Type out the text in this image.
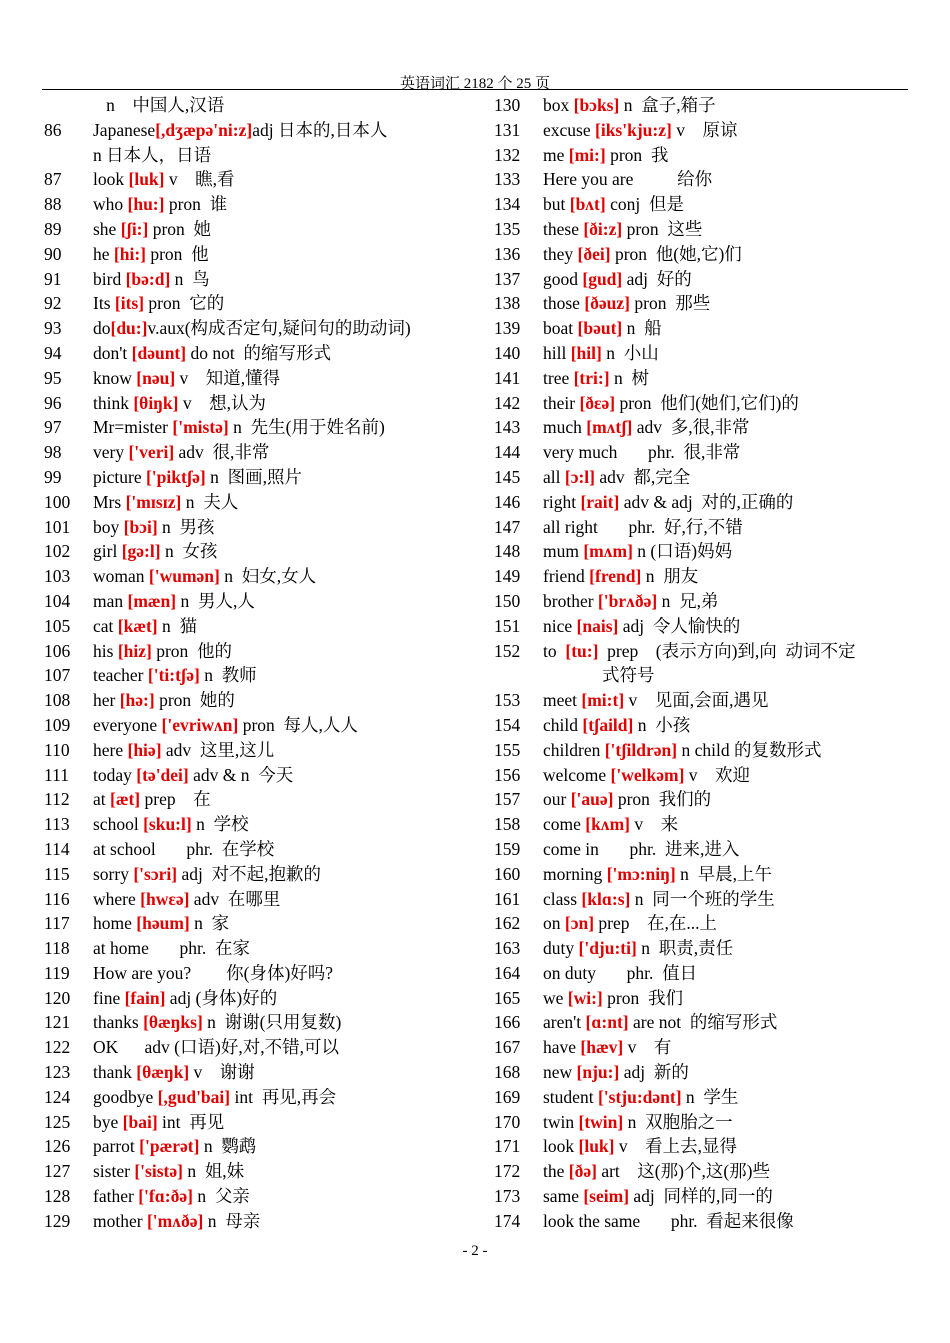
英语词汇 2182 个 25 页
n    中国人,汉语
86	Japanese[,dʒæpə'ni:z]adj 日本的,日本人
n 日本人，日语
87	look [luk] v    瞧,看
88	who [hu:] pron  谁
89	she [ʃi:] pron  她
90	he [hi:] pron  他
91	bird [bə:d] n  鸟
92	Its [its] pron  它的
93	do[du:]v.aux(构成否定句,疑问句的助动词)
94	don't [dəunt] do not  的缩写形式
95	know [nəu] v    知道,懂得
96	think [θiŋk] v    想,认为
97	Mr=mister ['mistə] n  先生(用于姓名前)
98	very ['veri] adv  很,非常
99	picture ['piktʃə] n  图画,照片
100	Mrs ['mɪsɪz] n  夫人
101	boy [bɔi] n  男孩
102	girl [gə:l] n  女孩
103	woman ['wumən] n  妇女,女人
104	man [mæn] n  男人,人
105	cat [kæt] n  猫
106	his [hiz] pron  他的
107	teacher ['ti:tʃə] n  教师
108	her [hə:] pron  她的
109	everyone ['evriwʌn] pron  每人,人人
110	here [hiə] adv  这里,这儿
111	today [tə'dei] adv & n  今天
112	at [æt] prep    在
113	school [sku:l] n  学校
114	at school       phr.  在学校
115	sorry ['sɔri] adj  对不起,抱歉的
116	where [hwεə] adv  在哪里
117	home [həum] n  家
118	at home       phr.  在家
119	How are you?        你(身体)好吗?
120	fine [fain] adj (身体)好的
121	thanks [θæŋks] n  谢谢(只用复数)
122	OK      adv (口语)好,对,不错,可以
123	thank [θæŋk] v    谢谢
124	goodbye [,gud'bai] int  再见,再会
125	bye [bai] int  再见
126	parrot ['pærət] n  鹦鹉
127	sister ['sistə] n  姐,妹
128	father ['fɑ:ðə] n  父亲
129	mother ['mʌðə] n  母亲
130	box [bɔks] n  盒子,箱子
131	excuse [iks'kju:z] v    原谅
132	me [mi:] pron  我
133	Here you are          给你
134	but [bʌt] conj  但是
135	these [ði:z] pron  这些
136	they [ðei] pron  他(她,它)们
137	good [gud] adj  好的
138	those [ðəuz] pron  那些
139	boat [bəut] n  船
140	hill [hil] n  小山
141	tree [tri:] n  树
142	their [ðεə] pron  他们(她们,它们)的
143	much [mʌtʃ] adv  多,很,非常
144	very much       phr.  很,非常
145	all [ɔ:l] adv  都,完全
146	right [rait] adv & adj  对的,正确的
147	all right       phr.  好,行,不错
148	mum [mʌm] n (口语)妈妈
149	friend [frend] n  朋友
150	brother ['brʌðə] n  兄,弟
151	nice [nais] adj  令人愉快的
152	to  [tu:]  prep    (表示方向)到,向  动词不定
式符号
153	meet [mi:t] v    见面,会面,遇见
154	child [tʃaild] n  小孩
155	children ['tʃildrən] n child 的复数形式
156	welcome ['welkəm] v    欢迎
157	our ['auə] pron  我们的
158	come [kʌm] v    来
159	come in       phr.  进来,进入
160	morning ['mɔ:niŋ] n  早晨,上午
161	class [klɑ:s] n  同一个班的学生
162	on [ɔn] prep    在,在...上
163	duty ['dju:ti] n  职责,责任
164	on duty       phr.  值日
165	we [wi:] pron  我们
166	aren't [ɑ:nt] are not  的缩写形式
167	have [hæv] v    有
168	new [nju:] adj  新的
169	student ['stju:dənt] n  学生
170	twin [twin] n  双胞胎之一
171	look [luk] v    看上去,显得
172	the [ðə] art    这(那)个,这(那)些
173	same [seim] adj  同样的,同一的
174	look the same       phr.  看起来很像
- 2 -
